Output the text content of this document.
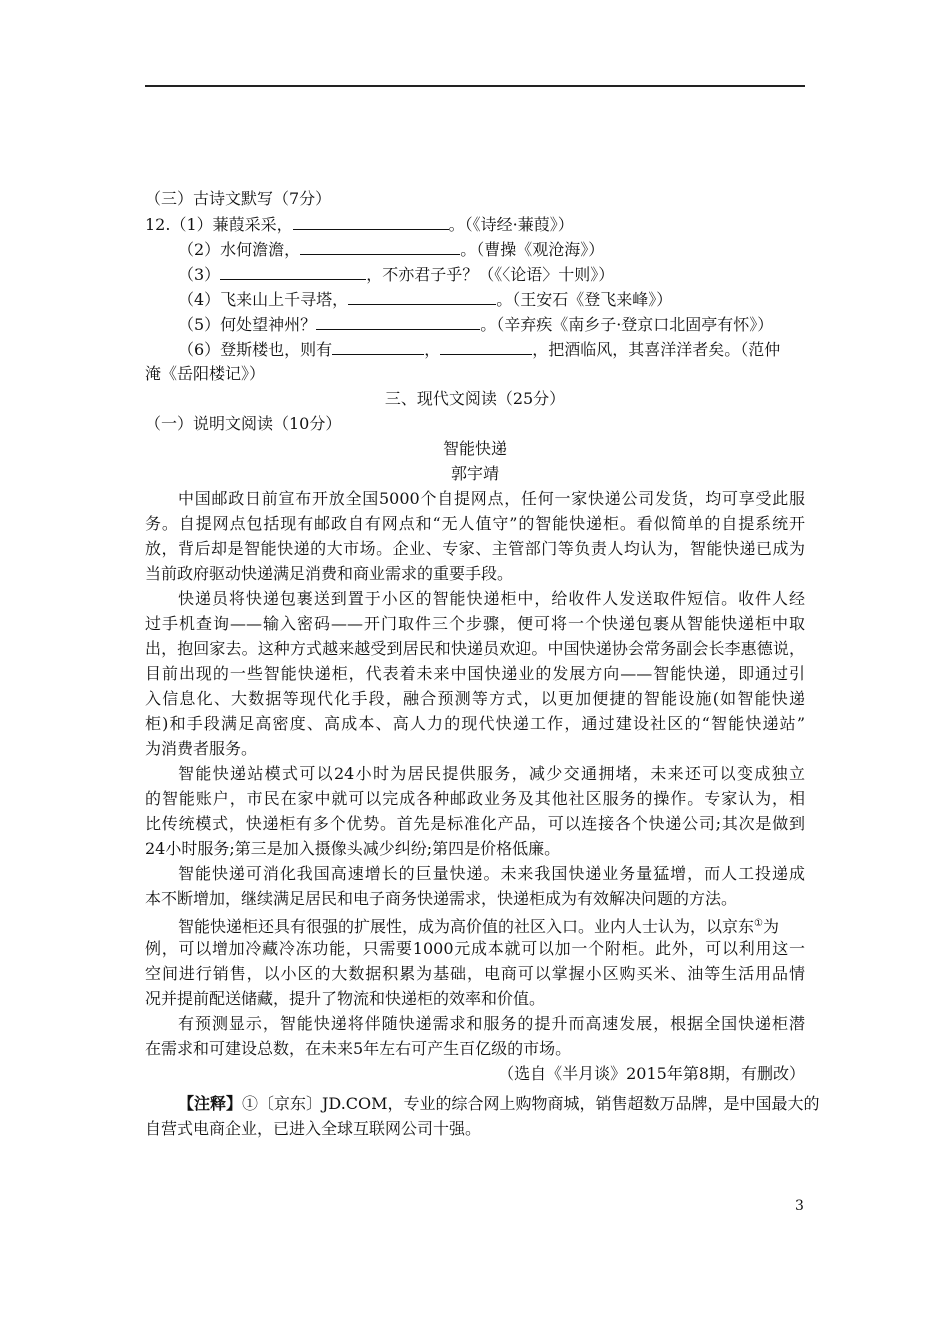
（三）古诗文默写（7分）
12.（1）蒹葭采采，	。（《诗经·蒹葭》）
（2）水何澹澹，	。（曹操《观沧海》）
（3）	，不亦君子乎？（《〈论语〉十则》）
（4）飞来山上千寻塔，	。（王安石《登飞来峰》）
（5）何处望神州？	。（辛弃疾《南乡子·登京口北固亭有怀》）
（6）登斯楼也，则有	，	，把酒临风，其喜洋洋者矣。（范仲
淹《岳阳楼记》）
三、现代文阅读（25分）
（一）说明文阅读（10分）
智能快递
郭宇靖
中国邮政日前宣布开放全国5000个自提网点，任何一家快递公司发货，均可享受此服
务。自提网点包括现有邮政自有网点和“无人值守”的智能快递柜。看似简单的自提系统开
放，背后却是智能快递的大市场。企业、专家、主管部门等负责人均认为，智能快递已成为
当前政府驱动快递满足消费和商业需求的重要手段。
快递员将快递包裹送到置于小区的智能快递柜中，给收件人发送取件短信。收件人经
过手机查询——输入密码——开门取件三个步骤，便可将一个快递包裹从智能快递柜中取
出，抱回家去。这种方式越来越受到居民和快递员欢迎。中国快递协会常务副会长李惠德说，
目前出现的一些智能快递柜，代表着未来中国快递业的发展方向——智能快递，即通过引
入信息化、大数据等现代化手段，融合预测等方式，以更加便捷的智能设施(如智能快递
柜)和手段满足高密度、高成本、高人力的现代快递工作，通过建设社区的“智能快递站”
为消费者服务。
智能快递站模式可以24小时为居民提供服务，减少交通拥堵，未来还可以变成独立
的智能账户，市民在家中就可以完成各种邮政业务及其他社区服务的操作。专家认为，相
比传统模式，快递柜有多个优势。首先是标准化产品，可以连接各个快递公司;其次是做到
24小时服务;第三是加入摄像头减少纠纷;第四是价格低廉。
智能快递可消化我国高速增长的巨量快递。未来我国快递业务量猛增，而人工投递成
本不断增加，继续满足居民和电子商务快递需求，快递柜成为有效解决问题的方法。
智能快递柜还具有很强的扩展性，成为高价值的社区入口。业内人士认为，以京东①为
例，可以增加冷藏冷冻功能，只需要1000元成本就可以加一个附柜。此外，可以利用这一
空间进行销售，以小区的大数据积累为基础，电商可以掌握小区购买米、油等生活用品情
况并提前配送储藏，提升了物流和快递柜的效率和价值。
有预测显示，智能快递将伴随快递需求和服务的提升而高速发展，根据全国快递柜潜
在需求和可建设总数，在未来5年左右可产生百亿级的市场。
（选自《半月谈》2015年第8期，有删改）
【注释】①〔京东〕JD.COM，专业的综合网上购物商城，销售超数万品牌，是中国最大的
自营式电商企业，已进入全球互联网公司十强。
3
